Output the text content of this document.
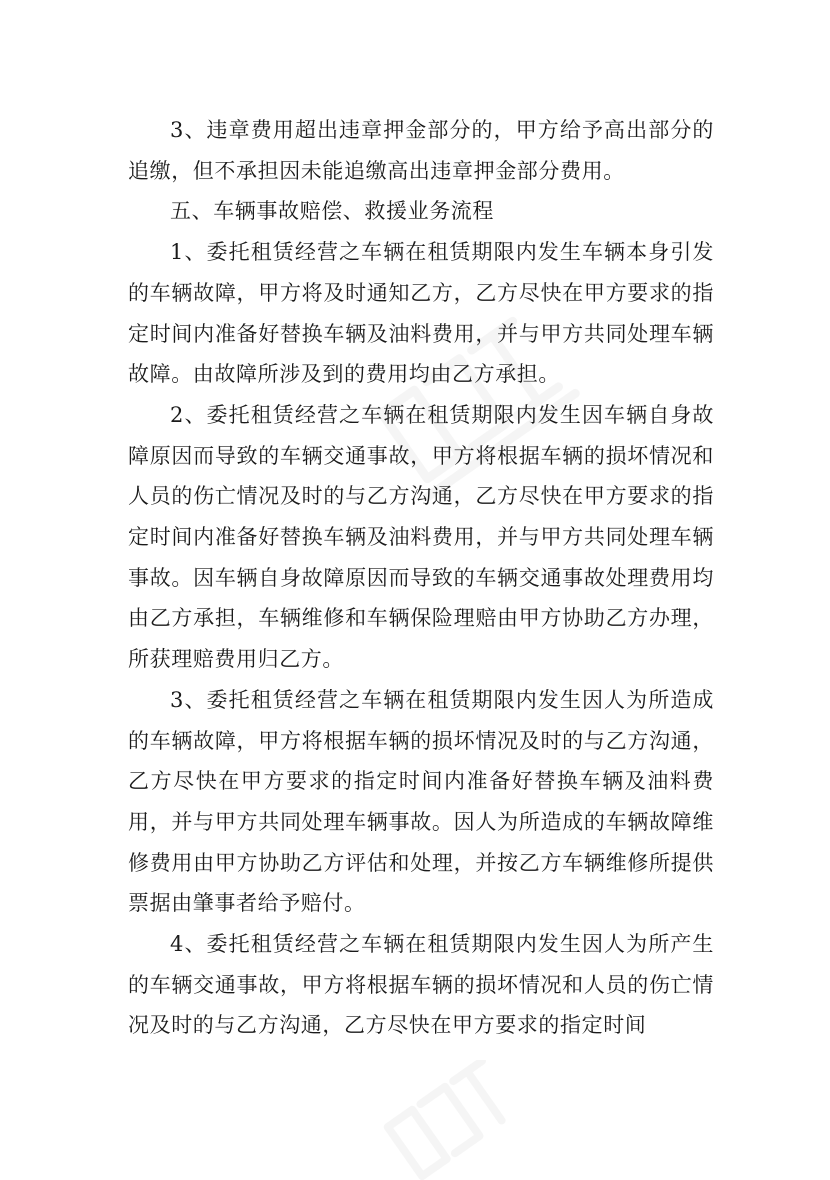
3、违章费用超出违章押金部分的，甲方给予高出部分的追缴，但不承担因未能追缴高出违章押金部分费用。

五、车辆事故赔偿、救援业务流程

1、委托租赁经营之车辆在租赁期限内发生车辆本身引发的车辆故障，甲方将及时通知乙方，乙方尽快在甲方要求的指定时间内准备好替换车辆及油料费用，并与甲方共同处理车辆故障。由故障所涉及到的费用均由乙方承担。

2、委托租赁经营之车辆在租赁期限内发生因车辆自身故障原因而导致的车辆交通事故，甲方将根据车辆的损坏情况和人员的伤亡情况及时的与乙方沟通，乙方尽快在甲方要求的指定时间内准备好替换车辆及油料费用，并与甲方共同处理车辆事故。因车辆自身故障原因而导致的车辆交通事故处理费用均由乙方承担，车辆维修和车辆保险理赔由甲方协助乙方办理，所获理赔费用归乙方。

3、委托租赁经营之车辆在租赁期限内发生因人为所造成的车辆故障，甲方将根据车辆的损坏情况及时的与乙方沟通，乙方尽快在甲方要求的指定时间内准备好替换车辆及油料费用，并与甲方共同处理车辆事故。因人为所造成的车辆故障维修费用由甲方协助乙方评估和处理，并按乙方车辆维修所提供票据由肇事者给予赔付。

4、委托租赁经营之车辆在租赁期限内发生因人为所产生的车辆交通事故，甲方将根据车辆的损坏情况和人员的伤亡情况及时的与乙方沟通，乙方尽快在甲方要求的指定时间
